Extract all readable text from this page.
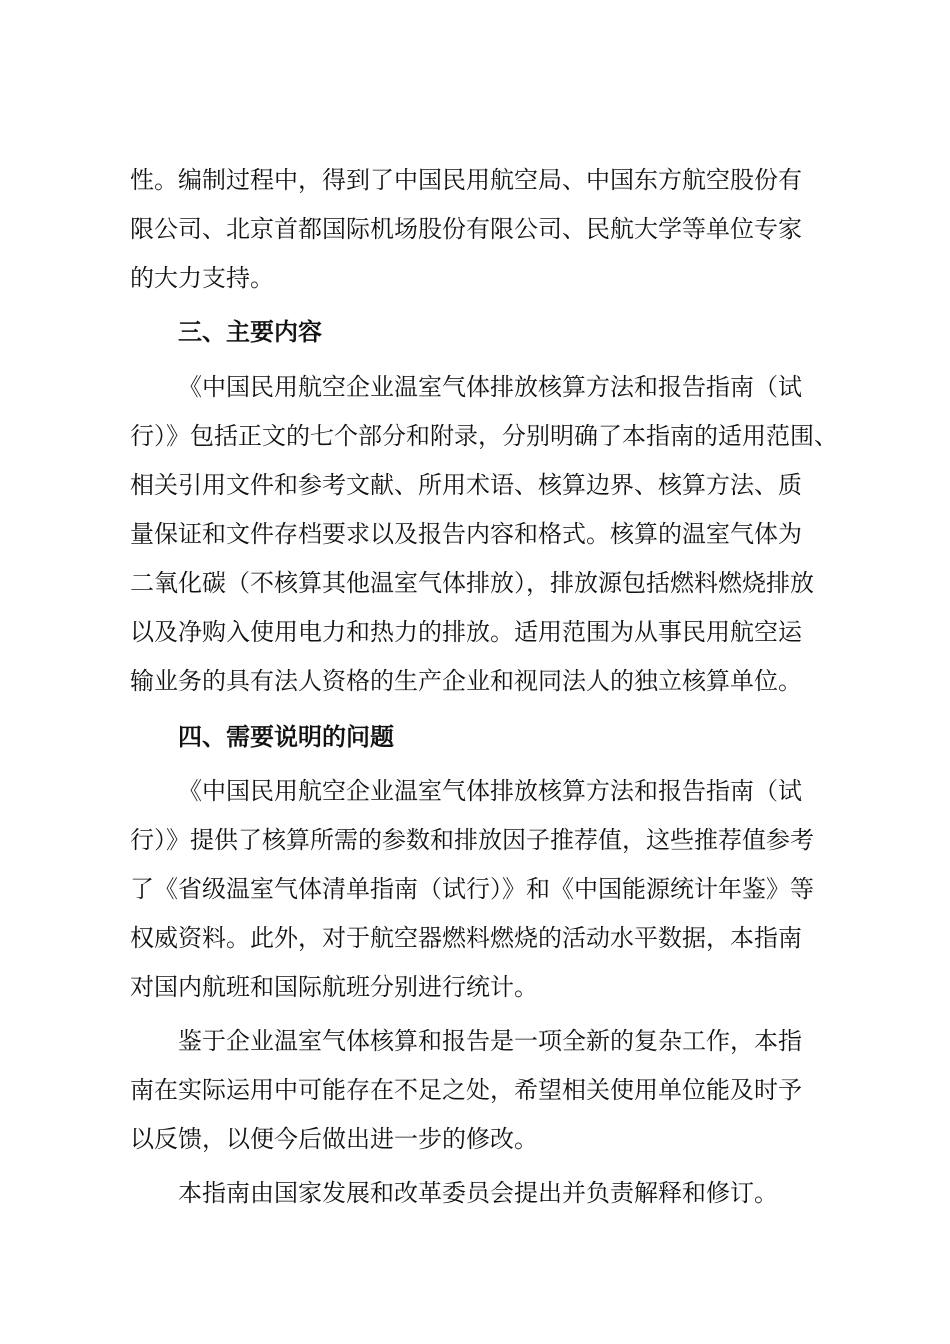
性。编制过程中，得到了中国民用航空局、中国东方航空股份有
限公司、北京首都国际机场股份有限公司、民航大学等单位专家
的大力支持。
三、主要内容
《中国民用航空企业温室气体排放核算方法和报告指南（试
行）》包括正文的七个部分和附录，分别明确了本指南的适用范围、
相关引用文件和参考文献、所用术语、核算边界、核算方法、质
量保证和文件存档要求以及报告内容和格式。核算的温室气体为
二氧化碳（不核算其他温室气体排放），排放源包括燃料燃烧排放
以及净购入使用电力和热力的排放。适用范围为从事民用航空运
输业务的具有法人资格的生产企业和视同法人的独立核算单位。
四、需要说明的问题
《中国民用航空企业温室气体排放核算方法和报告指南（试
行）》提供了核算所需的参数和排放因子推荐值，这些推荐值参考
了《省级温室气体清单指南（试行）》和《中国能源统计年鉴》等
权威资料。此外，对于航空器燃料燃烧的活动水平数据，本指南
对国内航班和国际航班分别进行统计。
鉴于企业温室气体核算和报告是一项全新的复杂工作，本指
南在实际运用中可能存在不足之处，希望相关使用单位能及时予
以反馈，以便今后做出进一步的修改。
本指南由国家发展和改革委员会提出并负责解释和修订。
